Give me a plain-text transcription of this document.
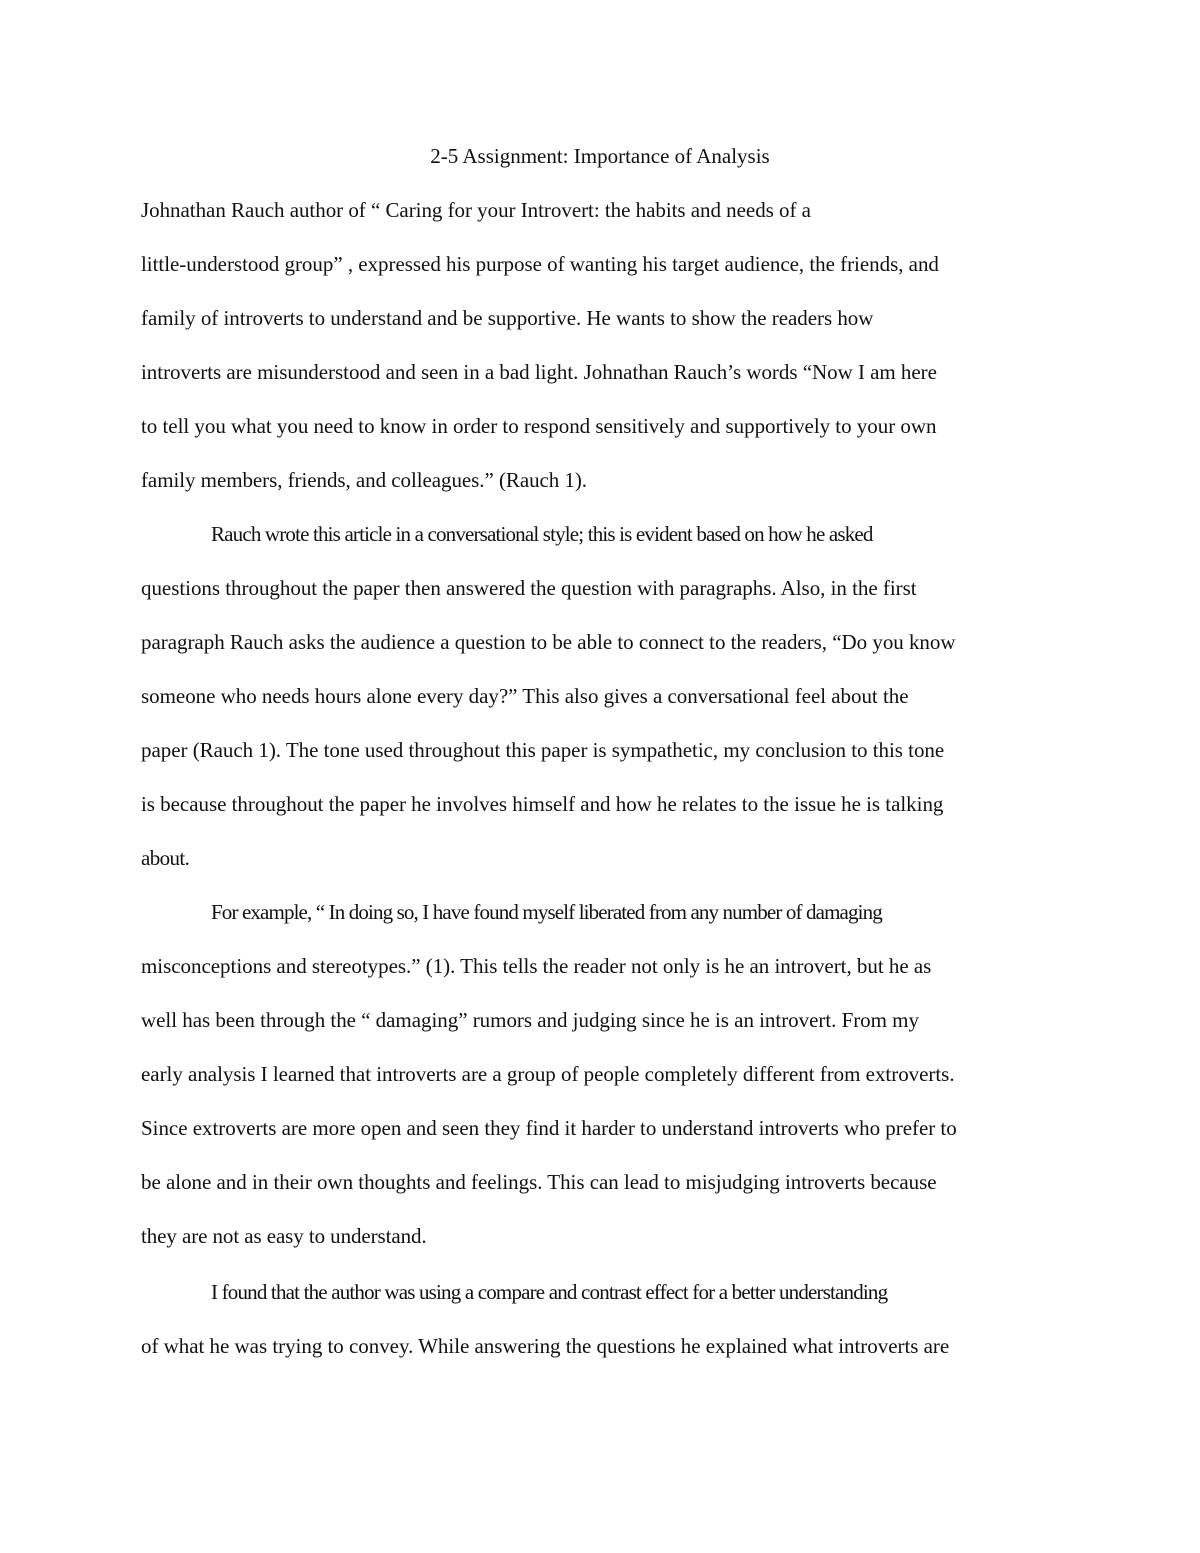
2-5 Assignment: Importance of Analysis
Johnathan Rauch author of “ Caring for your Introvert: the habits and needs of a
little-understood group” , expressed his purpose of wanting his target audience, the friends, and
family of introverts to understand and be supportive. He wants to show the readers how
introverts are misunderstood and seen in a bad light. Johnathan Rauch’s words “Now I am here
to tell you what you need to know in order to respond sensitively and supportively to your own
family members, friends, and colleagues.” (Rauch 1).
Rauch wrote this article in a conversational style; this is evident based on how he asked
questions throughout the paper then answered the question with paragraphs. Also, in the first
paragraph Rauch asks the audience a question to be able to connect to the readers, “Do you know
someone who needs hours alone every day?” This also gives a conversational feel about the
paper (Rauch 1). The tone used throughout this paper is sympathetic, my conclusion to this tone
is because throughout the paper he involves himself and how he relates to the issue he is talking
about.
For example, “ In doing so, I have found myself liberated from any number of damaging
misconceptions and stereotypes.” (1). This tells the reader not only is he an introvert, but he as
well has been through the “ damaging” rumors and judging since he is an introvert. From my
early analysis I learned that introverts are a group of people completely different from extroverts.
Since extroverts are more open and seen they find it harder to understand introverts who prefer to
be alone and in their own thoughts and feelings. This can lead to misjudging introverts because
they are not as easy to understand.
I found that the author was using a compare and contrast effect for a better understanding
of what he was trying to convey. While answering the questions he explained what introverts are
